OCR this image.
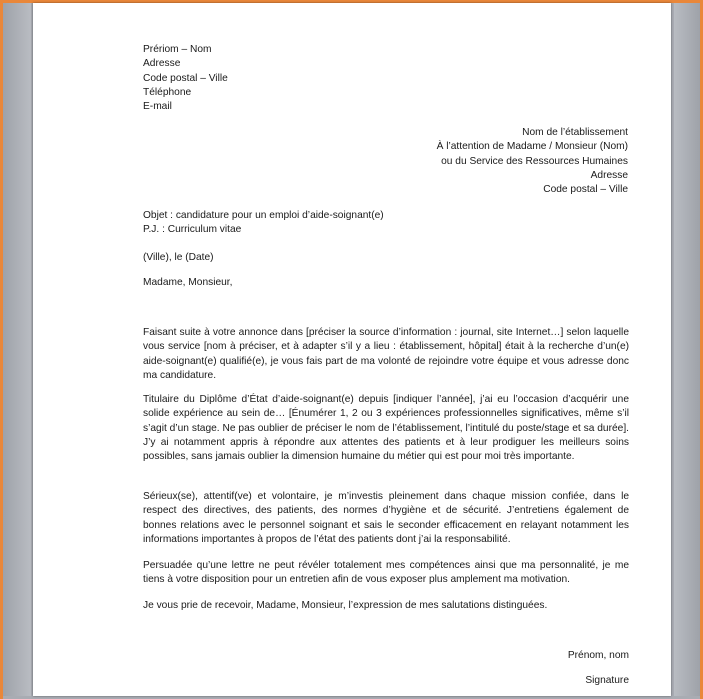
Prériom – Nom
Adresse
Code postal – Ville
Téléphone
E-mail
Nom de l’établissement
À l’attention de Madame / Monsieur (Nom)
ou du Service des Ressources Humaines
Adresse
Code postal – Ville
Objet : candidature pour un emploi d’aide-soignant(e)
P.J. : Curriculum vitae
(Ville), le (Date)
Madame, Monsieur,

Faisant suite à votre annonce dans [préciser la source d’information : journal, site Internet…] selon laquelle vous service [nom à préciser, et à adapter s’il y a lieu : établissement, hôpital] était à la recherche d’un(e) aide-soignant(e) qualifié(e), je vous fais part de ma volonté de rejoindre votre équipe et vous adresse donc ma candidature.

Titulaire du Diplôme d’État d’aide-soignant(e) depuis [indiquer l’année], j’ai eu l’occasion d’acquérir une solide expérience au sein de… [Énumérer 1, 2 ou 3 expériences professionnelles significatives, même s’il s’agit d’un stage. Ne pas oublier de préciser le nom de l’établissement, l’intitulé du poste/stage et sa durée]. J’y ai notamment appris à répondre aux attentes des patients et à leur prodiguer les meilleurs soins possibles, sans jamais oublier la dimension humaine du métier qui est pour moi très importante.

Sérieux(se), attentif(ve) et volontaire, je m’investis pleinement dans chaque mission confiée, dans le respect des directives, des patients, des normes d’hygiène et de sécurité. J’entretiens également de bonnes relations avec le personnel soignant et sais le seconder efficacement en relayant notamment les informations importantes à propos de l’état des patients dont j’ai la responsabilité.

Persuadée qu’une lettre ne peut révéler totalement mes compétences ainsi que ma personnalité, je me tiens à votre disposition pour un entretien afin de vous exposer plus amplement ma motivation.

Je vous prie de recevoir, Madame, Monsieur, l’expression de mes salutations distinguées.

Prénom, nom
Signature
